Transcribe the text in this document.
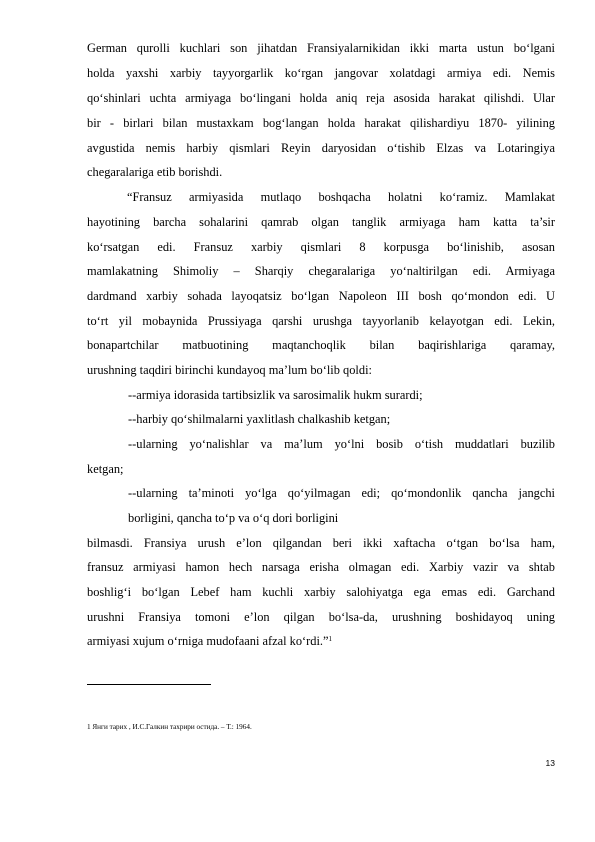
German qurolli kuchlari son jihatdan Fransiyalarnikidan ikki marta ustun bo‘lgani
holda yaxshi xarbiy tayyorgarlik ko‘rgan jangovar xolatdagi armiya edi. Nemis
qo‘shinlari uchta armiyaga bo‘lingani holda aniq reja asosida harakat qilishdi. Ular
bir - birlari bilan mustaxkam bog‘langan holda harakat qilishardiyu 1870- yilining
avgustida nemis harbiy qismlari Reyin daryosidan o‘tishib Elzas va Lotaringiya
chegaralariga etib borishdi.
“Fransuz armiyasida mutlaqo boshqacha holatni ko‘ramiz. Mamlakat
hayotining barcha sohalarini qamrab olgan tanglik armiyaga ham katta ta’sir
ko‘rsatgan edi. Fransuz xarbiy qismlari 8 korpusga bo‘linishib, asosan
mamlakatning Shimoliy – Sharqiy chegaralariga yo‘naltirilgan edi. Armiyaga
dardmand xarbiy sohada layoqatsiz bo‘lgan Napoleon III bosh qo‘mondon edi. U
to‘rt yil mobaynida Prussiyaga qarshi urushga tayyorlanib kelayotgan edi. Lekin,
bonapartchilar matbuotining maqtanchoqlik bilan baqirishlariga qaramay,
urushning taqdiri birinchi kundayoq ma’lum bo‘lib qoldi:
--armiya idorasida tartibsizlik va sarosimalik hukm surardi;
--harbiy qo‘shilmalarni yaxlitlash chalkashib ketgan;
--ularning yo‘nalishlar va ma’lum yo‘lni bosib o‘tish muddatlari buzilib
ketgan;
--ularning ta’minoti yo‘lga qo‘yilmagan edi; qo‘mondonlik qancha jangchi
borligini, qancha to‘p va o‘q dori borligini
bilmasdi. Fransiya urush e’lon qilgandan beri ikki xaftacha o‘tgan bo‘lsa ham,
fransuz armiyasi hamon hech narsaga erisha olmagan edi. Xarbiy vazir va shtab
boshlig‘i bo‘lgan Lebef ham kuchli xarbiy salohiyatga ega emas edi. Garchand
urushni Fransiya tomoni e’lon qilgan bo‘lsa-da, urushning boshidayoq uning
armiyasi xujum o‘rniga mudofaani afzal ko‘rdi.”$^1$
1 Янги тарих , И.С.Галкин тахрири остида. – Т.: 1964.
13
